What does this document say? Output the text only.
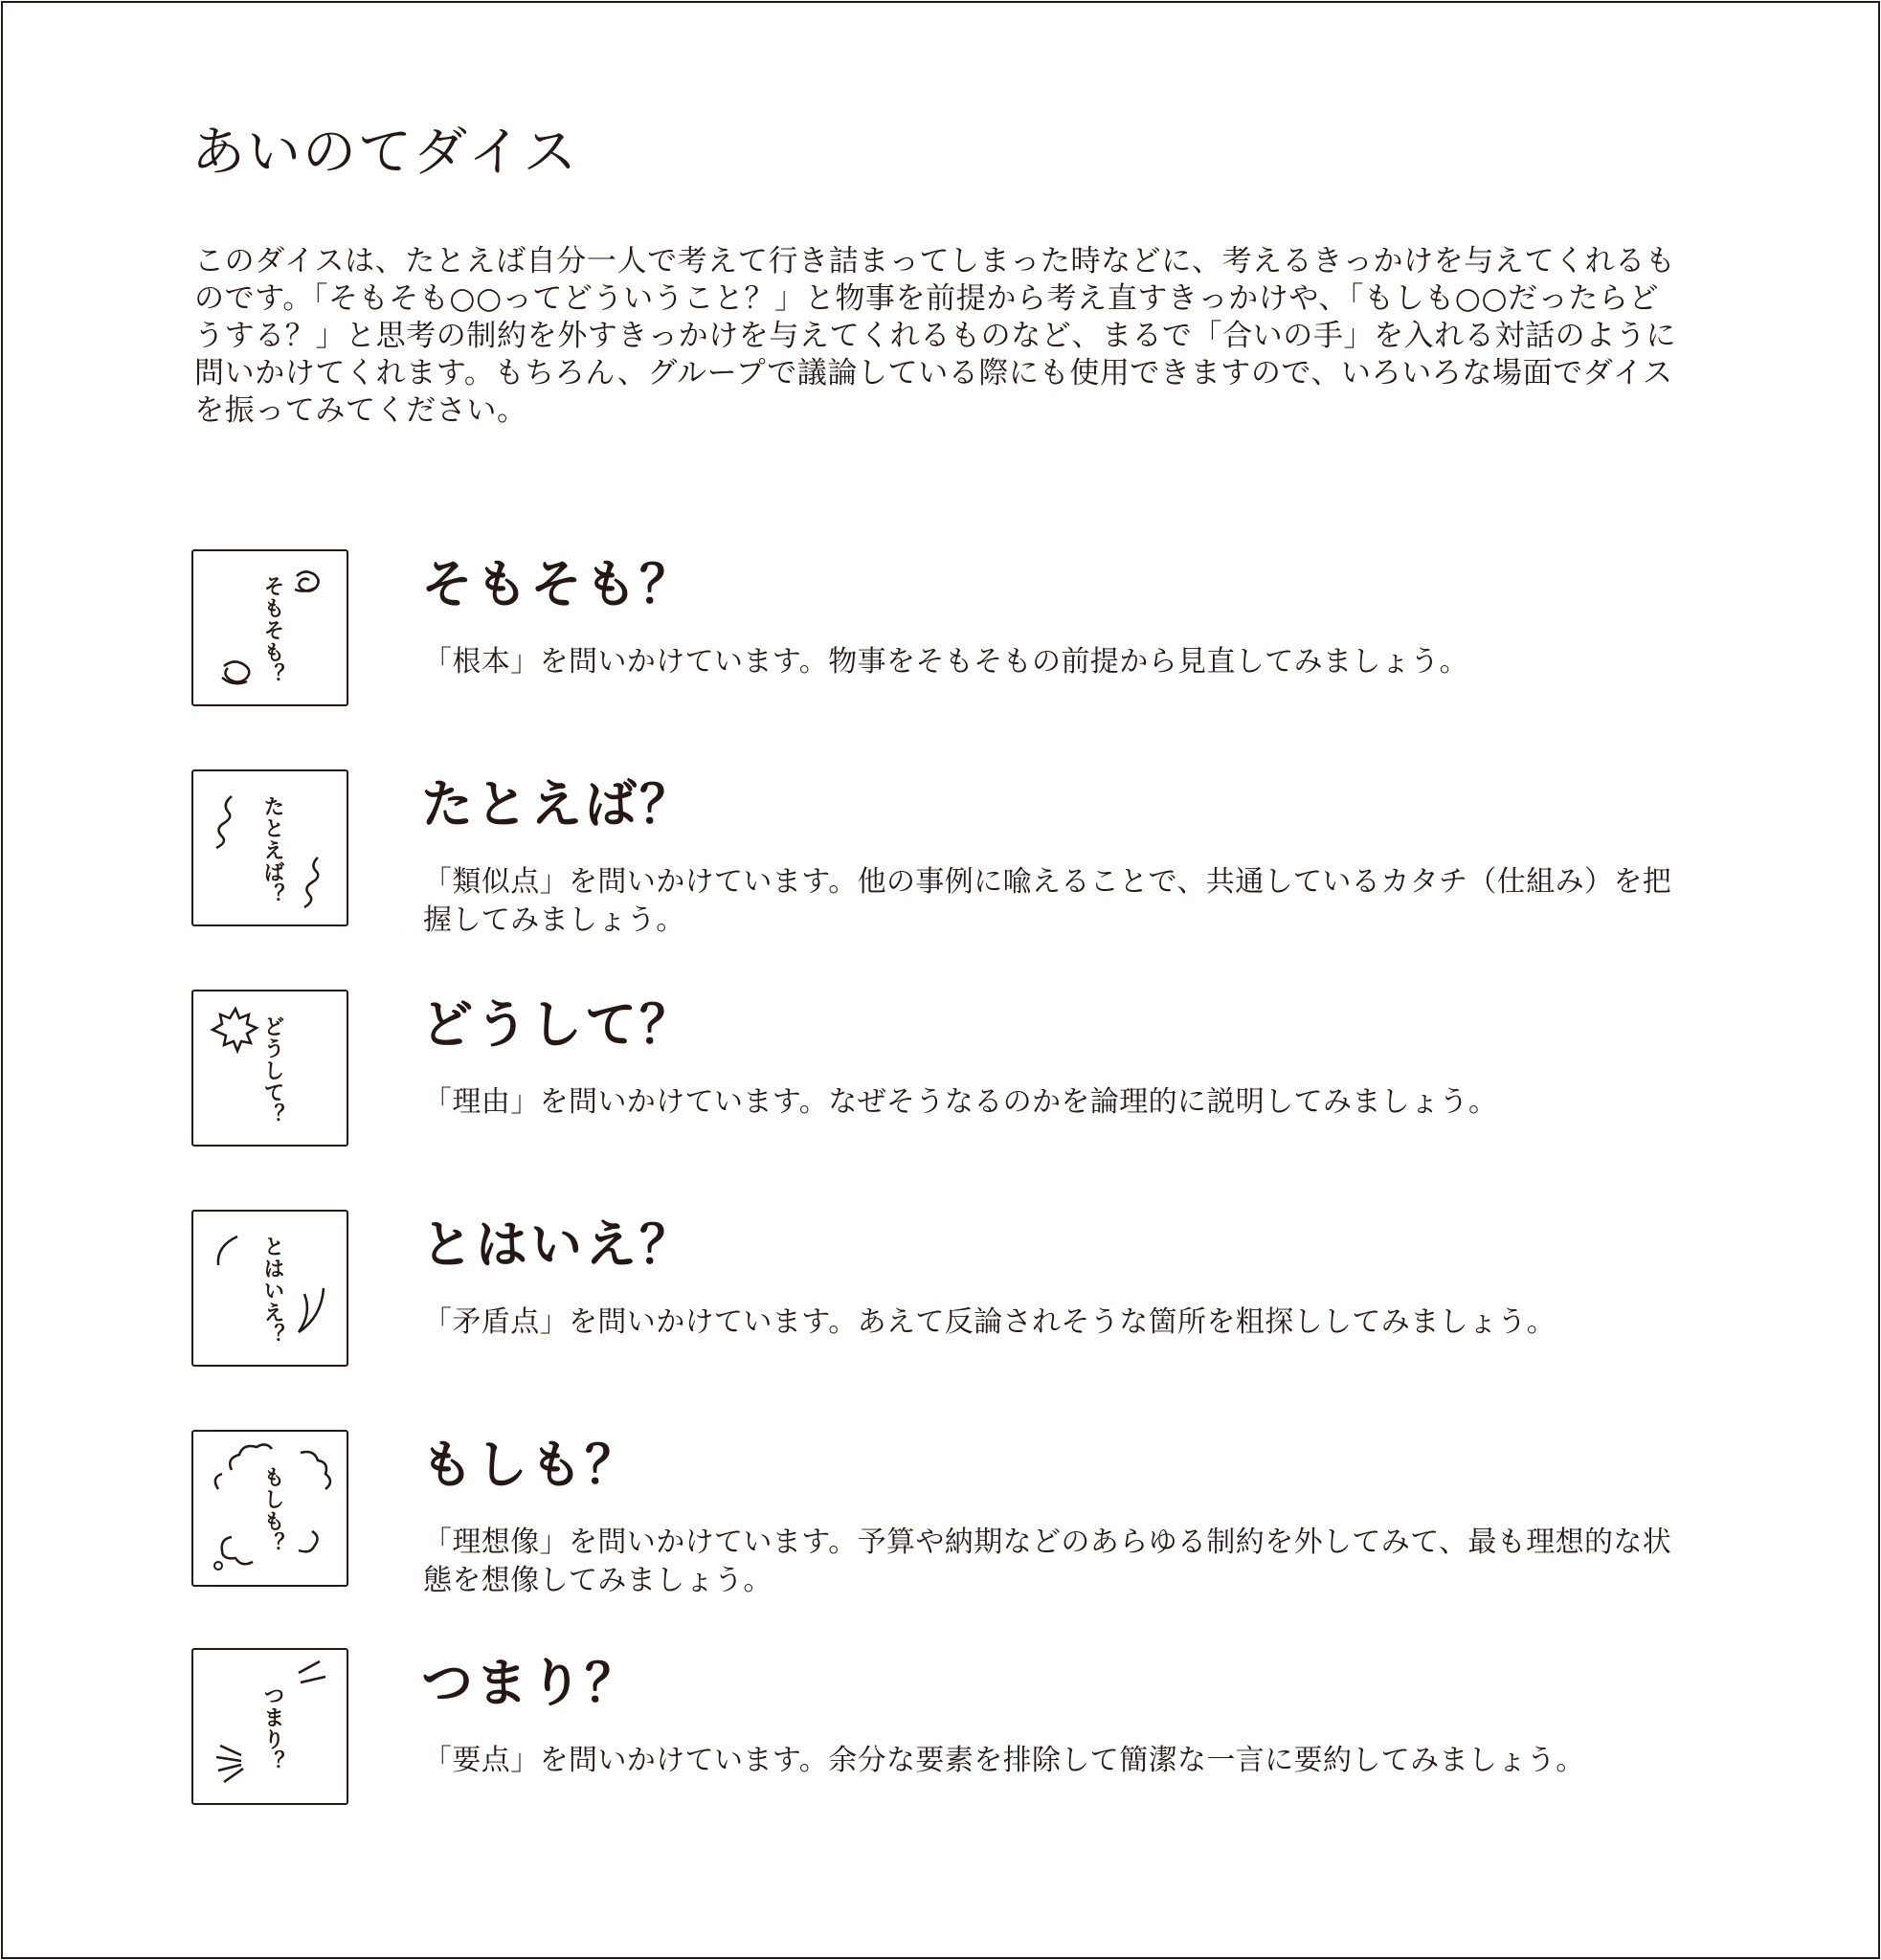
あいのてダイス

このダイスは、たとえば自分一人で考えて行き詰まってしまった時などに、考えるきっかけを与えてくれるものです。「そもそも○○ってどういうこと？」と物事を前提から考え直すきっかけや、「もしも○○だったらどうする？」と思考の制約を外すきっかけを与えてくれるものなど、まるで「合いの手」を入れる対話のように問いかけてくれます。もちろん、グループで議論している際にも使用できますので、いろいろな場面でダイスを振ってみてください。

そもそも？	そもそも？

「根本」を問いかけています。物事をそもそもの前提から見直してみましょう。

たとえば？	たとえば？

「類似点」を問いかけています。他の事例に喩えることで、共通しているカタチ（仕組み）を把握してみましょう。

どうして？	どうして？

「理由」を問いかけています。なぜそうなるのかを論理的に説明してみましょう。

とはいえ？	とはいえ？

「矛盾点」を問いかけています。あえて反論されそうな箇所を粗探ししてみましょう。

もしも？
もしも？

「理想像」を問いかけています。予算や納期などのあらゆる制約を外してみて、最も理想的な状態を想像してみましょう。

つまり？
つまり？

「要点」を問いかけています。余分な要素を排除して簡潔な一言に要約してみましょう。
